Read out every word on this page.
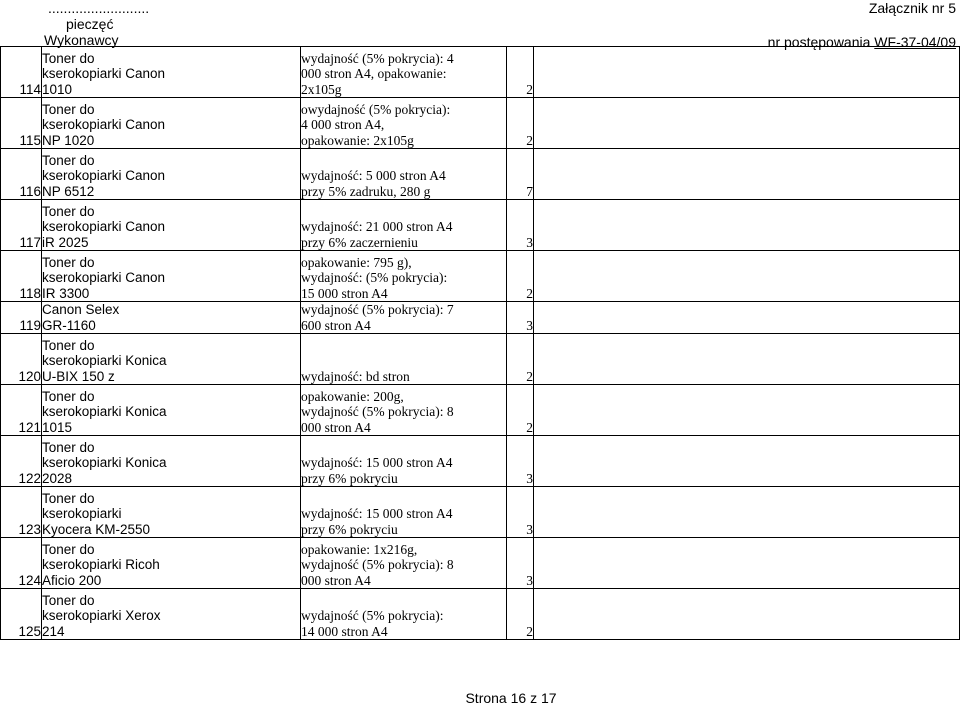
..........................
pieczęć
Wykonawcy
Załącznik nr 5
nr postępowania WF-37-04/09
114	Toner do
kserokopiarki Canon
1010	wydajność (5% pokrycia): 4
000 stron A4, opakowanie:
2x105g	2	
115	Toner do
kserokopiarki Canon
NP 1020	owydajność (5% pokrycia):
4 000 stron A4,
opakowanie: 2x105g	2	
116	Toner do
kserokopiarki Canon
NP 6512	wydajność: 5 000 stron A4
przy 5% zadruku, 280 g	7	
117	Toner do
kserokopiarki Canon
iR 2025	wydajność: 21 000 stron A4
przy 6% zaczernieniu	3	
118	Toner do
kserokopiarki Canon
IR 3300	opakowanie: 795 g),
wydajność: (5% pokrycia):
15 000 stron A4	2	
119	Canon Selex
GR-1160	wydajność (5% pokrycia): 7
600 stron A4	3	
120	Toner do
kserokopiarki Konica
U-BIX 150 z	wydajność: bd stron	2	
121	Toner do
kserokopiarki Konica
1015	opakowanie: 200g,
wydajność (5% pokrycia): 8
000 stron A4	2	
122	Toner do
kserokopiarki Konica
2028	wydajność: 15 000 stron A4
przy 6% pokryciu	3	
123	Toner do
kserokopiarki
Kyocera KM-2550	wydajność: 15 000 stron A4
przy 6% pokryciu	3	
124	Toner do
kserokopiarki Ricoh
Aficio 200	opakowanie: 1x216g,
wydajność (5% pokrycia): 8
000 stron A4	3	
125	Toner do
kserokopiarki Xerox
214	wydajność (5% pokrycia):
14 000 stron A4	2	
Strona 16 z 17
